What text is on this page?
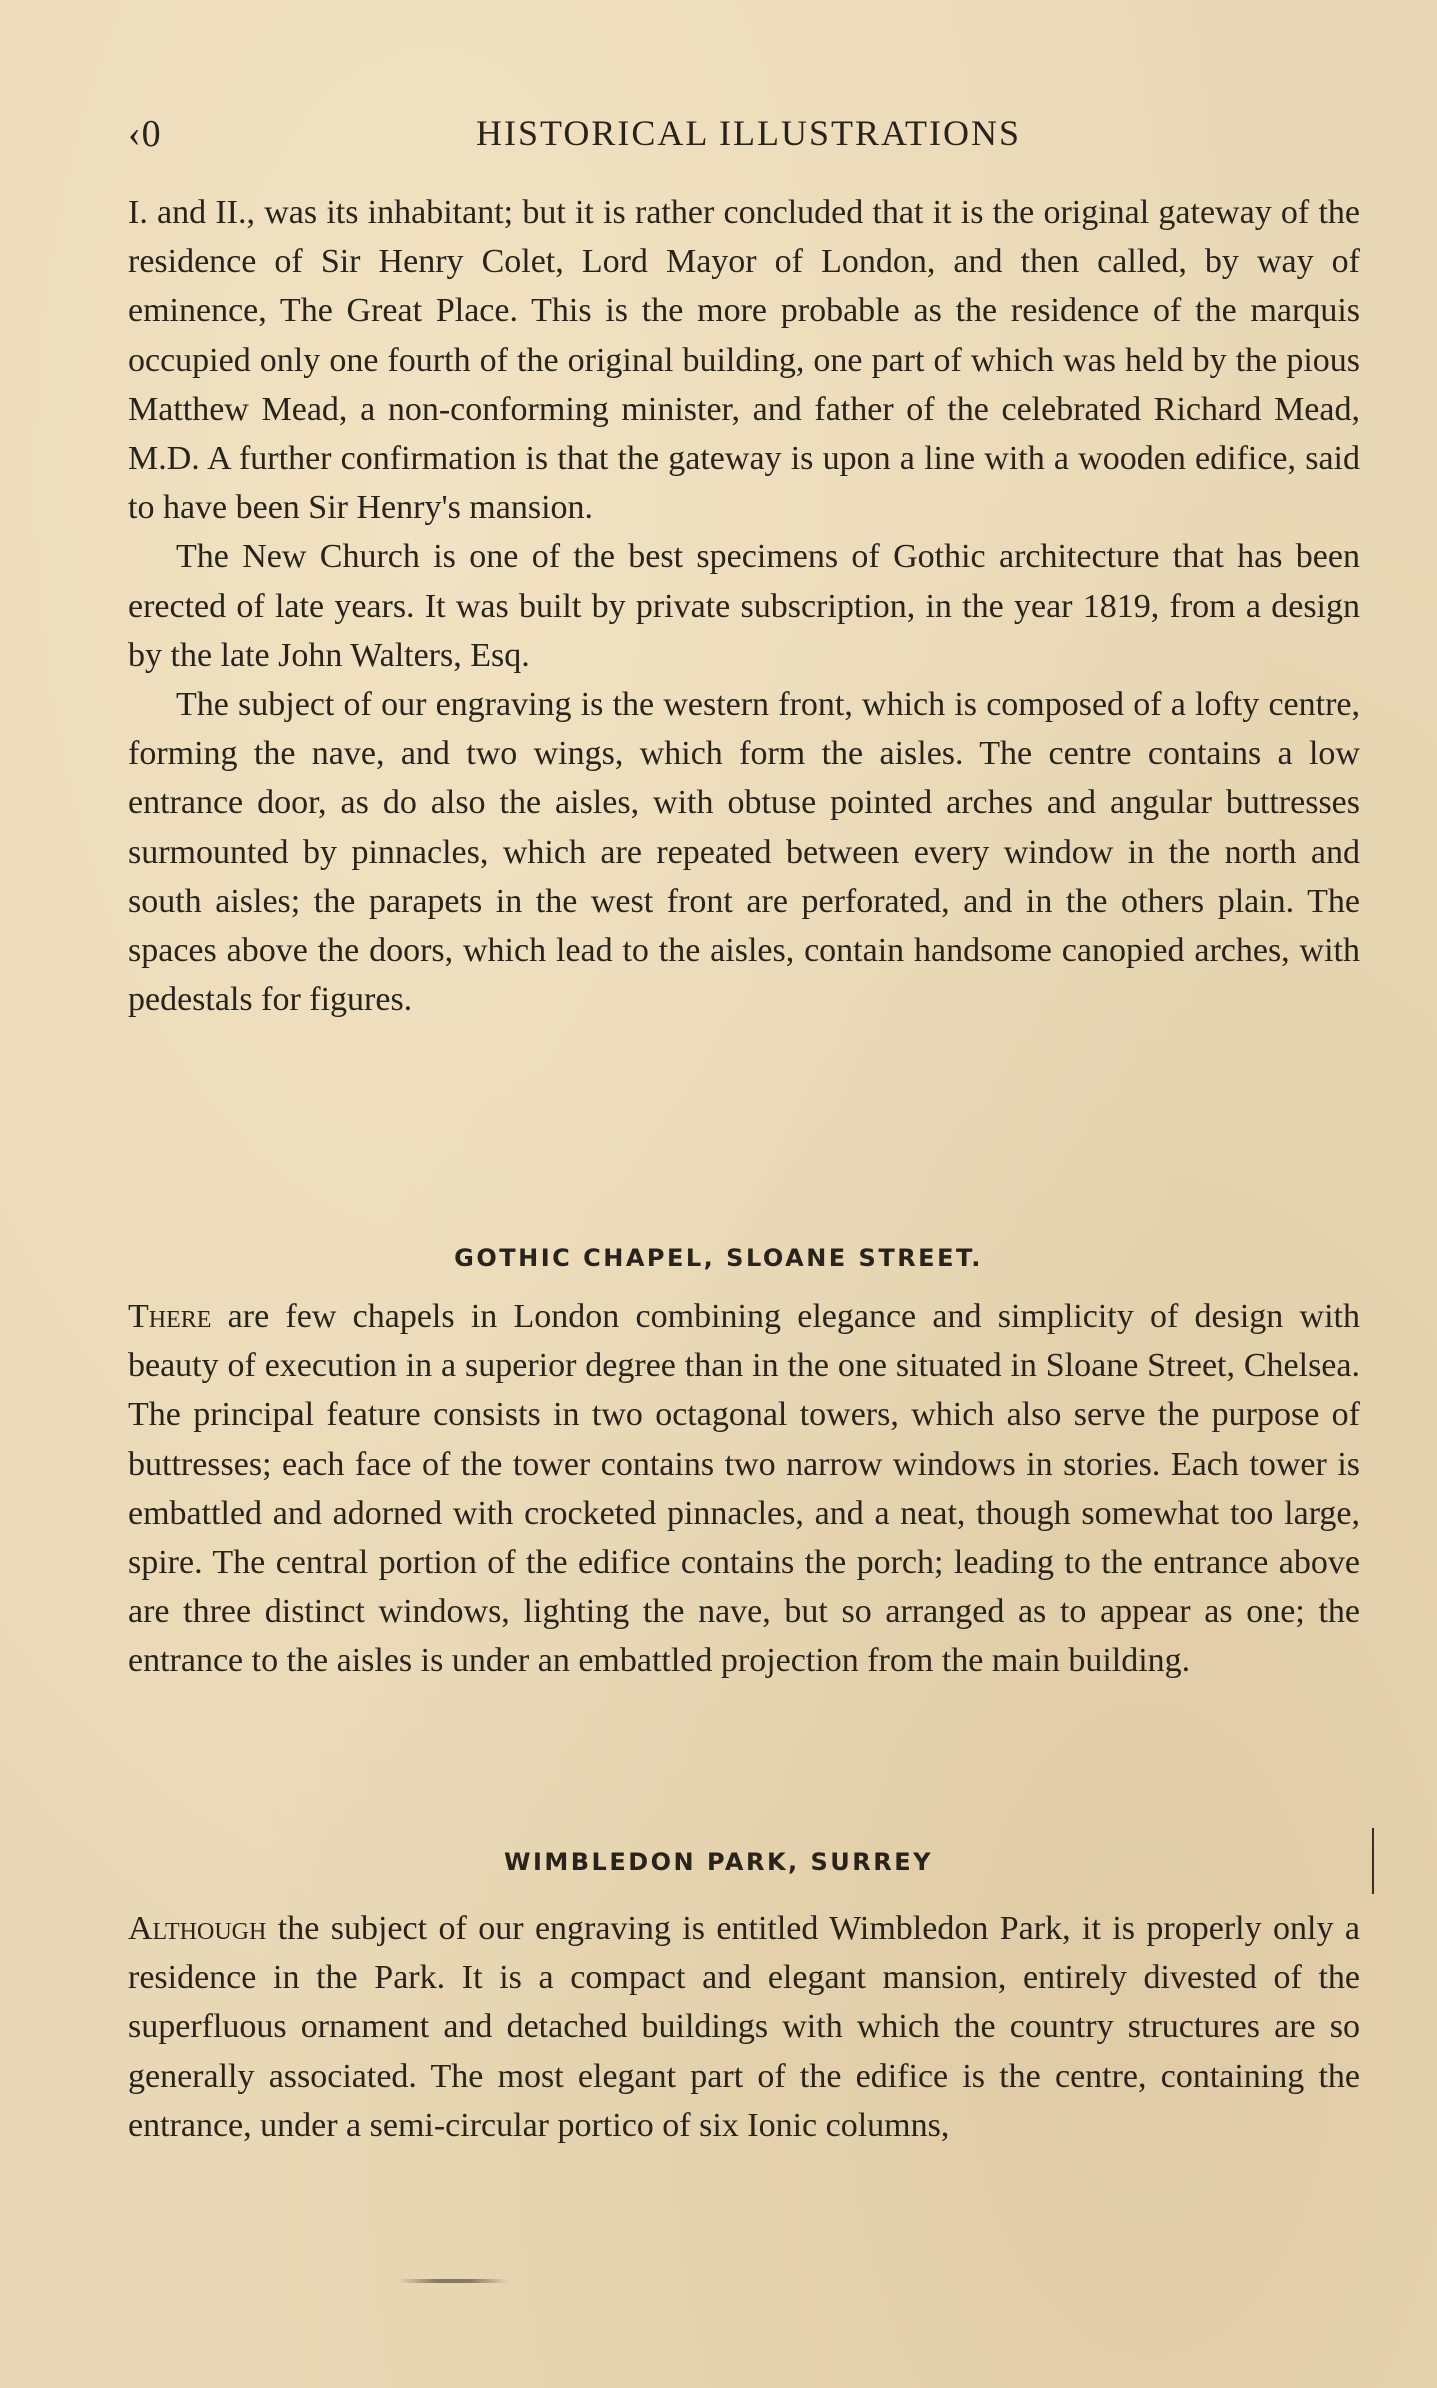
‹0	HISTORICAL ILLUSTRATIONS

I. and II., was its inhabitant; but it is rather concluded that it is the original gateway of the residence of Sir Henry Colet, Lord Mayor of London, and then called, by way of eminence, The Great Place. This is the more probable as the residence of the marquis occupied only one fourth of the original building, one part of which was held by the pious Matthew Mead, a non-conforming minister, and father of the celebrated Richard Mead, M.D. A further confirmation is that the gateway is upon a line with a wooden edifice, said to have been Sir Henry's mansion.

The New Church is one of the best specimens of Gothic architecture that has been erected of late years. It was built by private subscription, in the year 1819, from a design by the late John Walters, Esq.

The subject of our engraving is the western front, which is composed of a lofty centre, forming the nave, and two wings, which form the aisles. The centre contains a low entrance door, as do also the aisles, with obtuse pointed arches and angular buttresses surmounted by pinnacles, which are repeated between every window in the north and south aisles; the parapets in the west front are perforated, and in the others plain. The spaces above the doors, which lead to the aisles, contain handsome canopied arches, with pedestals for figures.

GOTHIC CHAPEL, SLOANE STREET.

There are few chapels in London combining elegance and simplicity of design with beauty of execution in a superior degree than in the one situated in Sloane Street, Chelsea. The principal feature consists in two octagonal towers, which also serve the purpose of buttresses; each face of the tower contains two narrow windows in stories. Each tower is embattled and adorned with crocketed pinnacles, and a neat, though somewhat too large, spire. The central portion of the edifice contains the porch; leading to the entrance above are three distinct windows, lighting the nave, but so arranged as to appear as one; the entrance to the aisles is under an embattled projection from the main building.

WIMBLEDON PARK, SURREY

Although the subject of our engraving is entitled Wimbledon Park, it is properly only a residence in the Park. It is a compact and elegant mansion, entirely divested of the superfluous ornament and detached buildings with which the country structures are so generally associated. The most elegant part of the edifice is the centre, containing the entrance, under a semi-circular portico of six Ionic columns,
